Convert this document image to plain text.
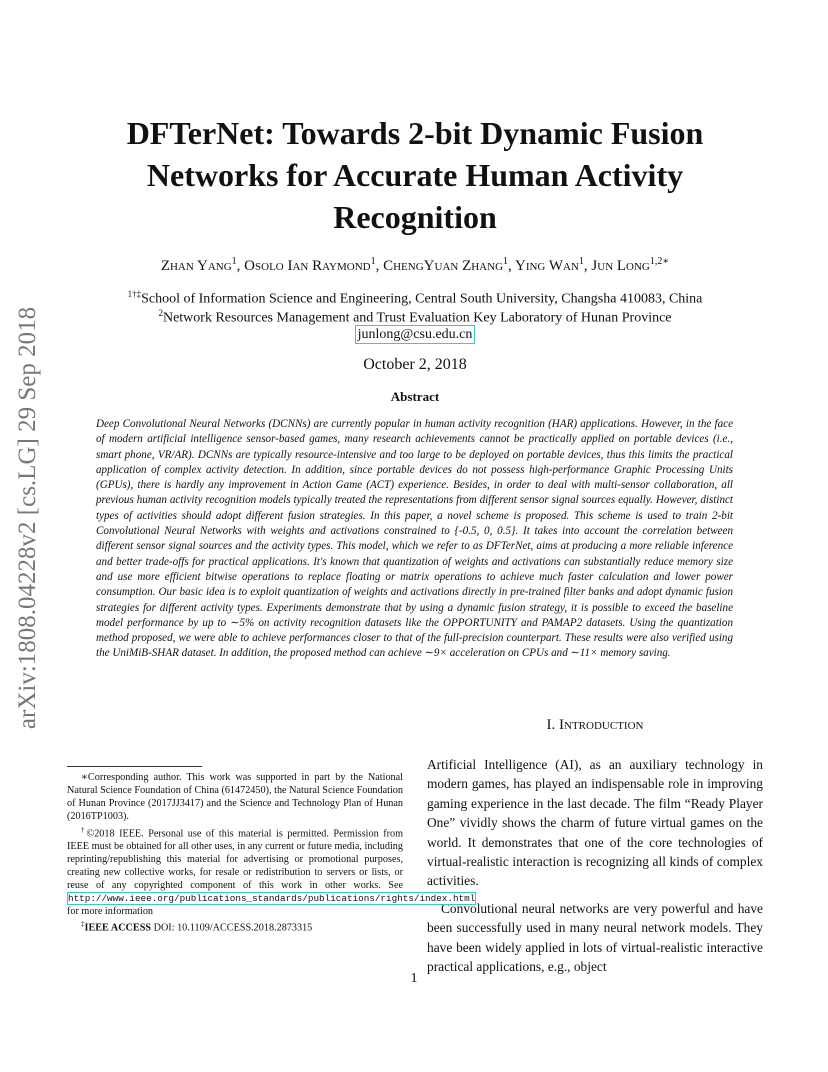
arXiv:1808.04228v2 [cs.LG] 29 Sep 2018
DFTerNet: Towards 2-bit Dynamic Fusion
Networks for Accurate Human Activity
Recognition
Zhan Yang$^1$, Osolo Ian Raymond$^1$, ChengYuan Zhang$^1$, Ying Wan$^1$, Jun Long$^{1,2∗}$
$^{1\dagger\ddagger}$School of Information Science and Engineering, Central South University, Changsha 410083, China
$^2$Network Resources Management and Trust Evaluation Key Laboratory of Hunan Province
junlong@csu.edu.cn
October 2, 2018
Abstract
Deep Convolutional Neural Networks (DCNNs) are currently popular in human activity recognition (HAR) applications. However, in the face of modern artificial intelligence sensor-based games, many research achievements cannot be practically applied on portable devices (i.e., smart phone, VR/AR). DCNNs are typically resource-intensive and too large to be deployed on portable devices, thus this limits the practical application of complex activity detection. In addition, since portable devices do not possess high-performance Graphic Processing Units (GPUs), there is hardly any improvement in Action Game (ACT) experience. Besides, in order to deal with multi-sensor collaboration, all previous human activity recognition models typically treated the representations from different sensor signal sources equally. However, distinct types of activities should adopt different fusion strategies. In this paper, a novel scheme is proposed. This scheme is used to train 2-bit Convolutional Neural Networks with weights and activations constrained to {-0.5, 0, 0.5}. It takes into account the correlation between different sensor signal sources and the activity types. This model, which we refer to as DFTerNet, aims at producing a more reliable inference and better trade-offs for practical applications. It's known that quantization of weights and activations can substantially reduce memory size and use more efficient bitwise operations to replace floating or matrix operations to achieve much faster calculation and lower power consumption. Our basic idea is to exploit quantization of weights and activations directly in pre-trained filter banks and adopt dynamic fusion strategies for different activity types. Experiments demonstrate that by using a dynamic fusion strategy, it is possible to exceed the baseline model performance by up to ∼5% on activity recognition datasets like the OPPORTUNITY and PAMAP2 datasets. Using the quantization method proposed, we were able to achieve performances closer to that of the full-precision counterpart. These results were also verified using the UniMiB-SHAR dataset. In addition, the proposed method can achieve ∼9× acceleration on CPUs and ∼11× memory saving.
I. Introduction

Artificial Intelligence (AI), as an auxiliary technology in modern games, has played an indispensable role in improving gaming experience in the last decade. The film “Ready Player One” vividly shows the charm of future virtual games on the world. It demonstrates that one of the core technologies of virtual-realistic interaction is recognizing all kinds of complex activities.

Convolutional neural networks are very powerful and have been successfully used in many neural network models. They have been widely applied in lots of virtual-realistic interactive practical applications, e.g., object

∗Corresponding author. This work was supported in part by the National Natural Science Foundation of China (61472450), the Natural Science Foundation of Hunan Province (2017JJ3417) and the Science and Technology Plan of Hunan (2016TP1003).

†©2018 IEEE. Personal use of this material is permitted. Permission from IEEE must be obtained for all other uses, in any current or future media, including reprinting/republishing this material for advertising or promotional purposes, creating new collective works, for resale or redistribution to servers or lists, or reuse of any copyrighted component of this work in other works. See http://www.ieee.org/publications_standards/publications/rights/index.html for more information

‡IEEE ACCESS DOI: 10.1109/ACCESS.2018.2873315

1
